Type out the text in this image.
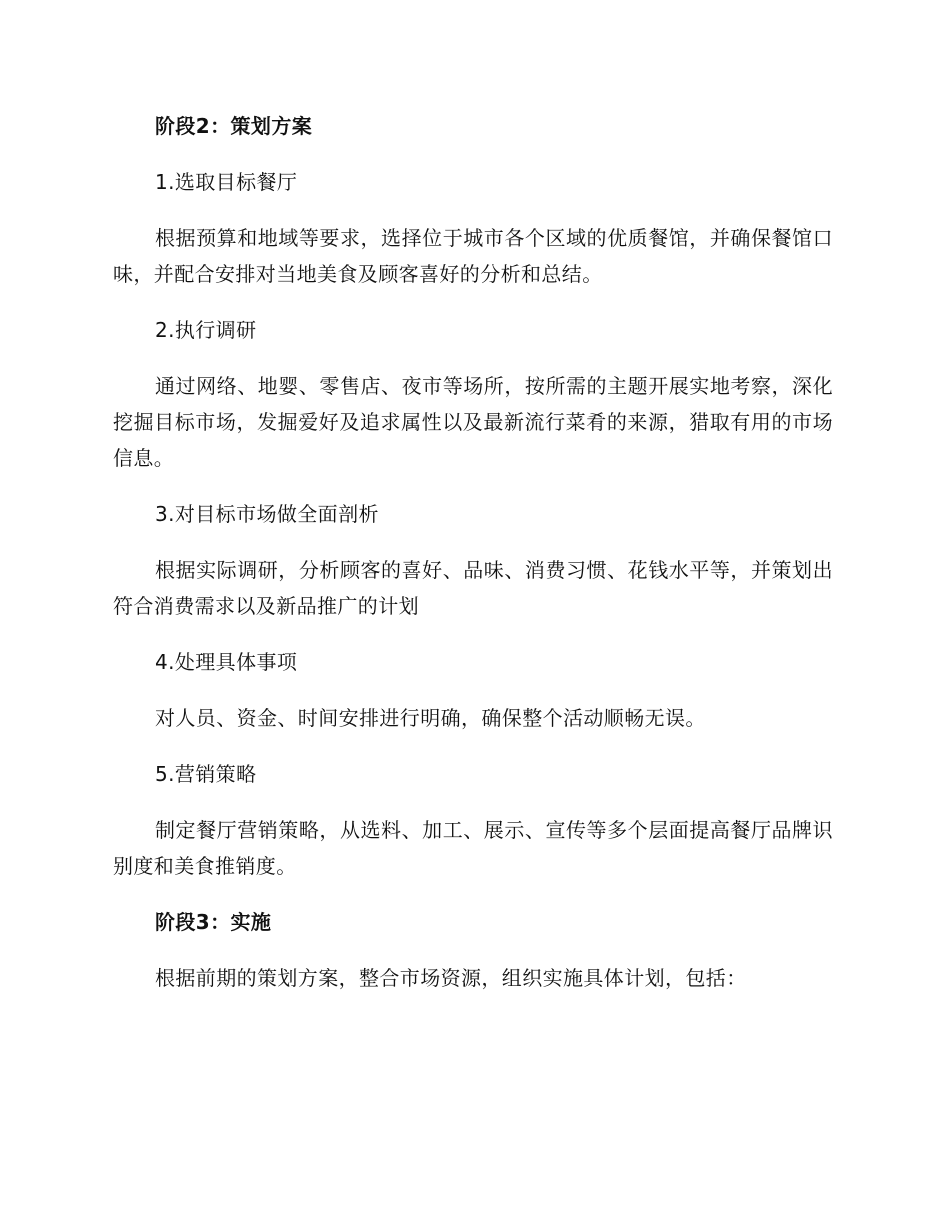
阶段2：策划方案

1.选取目标餐厅

根据预算和地域等要求，选择位于城市各个区域的优质餐馆，并确保餐馆口味，并配合安排对当地美食及顾客喜好的分析和总结。

2.执行调研

通过网络、地婴、零售店、夜市等场所，按所需的主题开展实地考察，深化挖掘目标市场，发掘爱好及追求属性以及最新流行菜肴的来源，猎取有用的市场信息。

3.对目标市场做全面剖析

根据实际调研，分析顾客的喜好、品味、消费习惯、花钱水平等，并策划出符合消费需求以及新品推广的计划

4.处理具体事项

对人员、资金、时间安排进行明确，确保整个活动顺畅无误。

5.营销策略

制定餐厅营销策略，从选料、加工、展示、宣传等多个层面提高餐厅品牌识别度和美食推销度。

阶段3：实施

根据前期的策划方案，整合市场资源，组织实施具体计划，包括：
